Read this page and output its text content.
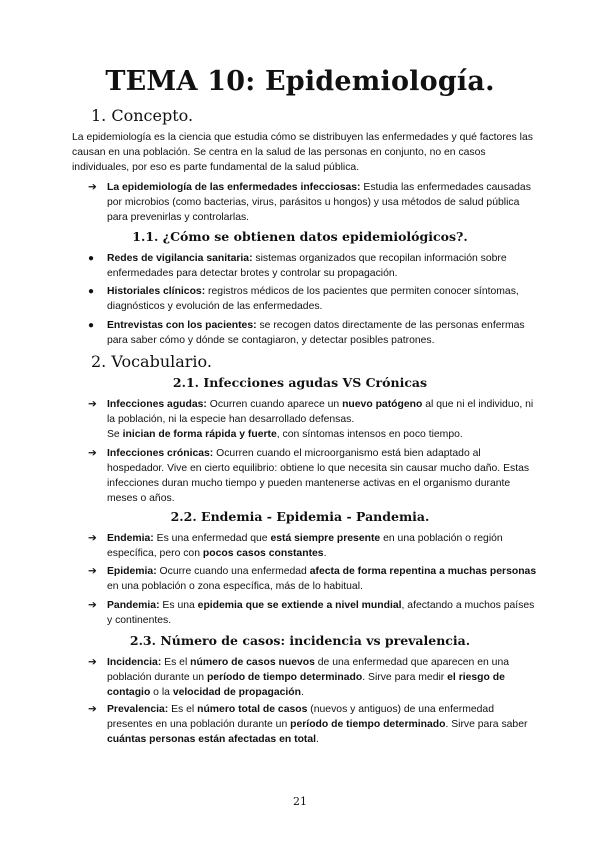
TEMA 10: Epidemiología.
1. Concepto.

La epidemiología es la ciencia que estudia cómo se distribuyen las enfermedades y qué factores las causan en una población. Se centra en la salud de las personas en conjunto, no en casos individuales, por eso es parte fundamental de la salud pública.

➔ La epidemiología de las enfermedades infecciosas: Estudia las enfermedades causadas por microbios (como bacterias, virus, parásitos u hongos) y usa métodos de salud pública para prevenirlas y controlarlas.
1.1. ¿Cómo se obtienen datos epidemiológicos?.
●	Redes de vigilancia sanitaria: sistemas organizados que recopilan información sobre enfermedades para detectar brotes y controlar su propagación.
●	Historiales clínicos: registros médicos de los pacientes que permiten conocer síntomas, diagnósticos y evolución de las enfermedades.
●	Entrevistas con los pacientes: se recogen datos directamente de las personas enfermas para saber cómo y dónde se contagiaron, y detectar posibles patrones.
2. Vocabulario.
2.1. Infecciones agudas VS Crónicas
➔ Infecciones agudas: Ocurren cuando aparece un nuevo patógeno al que ni el individuo, ni la población, ni la especie han desarrollado defensas.
Se inician de forma rápida y fuerte, con síntomas intensos en poco tiempo.
➔ Infecciones crónicas: Ocurren cuando el microorganismo está bien adaptado al hospedador. Vive en cierto equilibrio: obtiene lo que necesita sin causar mucho daño. Estas infecciones duran mucho tiempo y pueden mantenerse activas en el organismo durante meses o años.
2.2. Endemia - Epidemia - Pandemia.
➔ Endemia: Es una enfermedad que está siempre presente en una población o región específica, pero con pocos casos constantes.
➔ Epidemia: Ocurre cuando una enfermedad afecta de forma repentina a muchas personas en una población o zona específica, más de lo habitual.
➔ Pandemia: Es una epidemia que se extiende a nivel mundial, afectando a muchos países y continentes.
2.3. Número de casos: incidencia vs prevalencia.
➔ Incidencia: Es el número de casos nuevos de una enfermedad que aparecen en una población durante un período de tiempo determinado. Sirve para medir el riesgo de contagio o la velocidad de propagación.
➔ Prevalencia: Es el número total de casos (nuevos y antiguos) de una enfermedad presentes en una población durante un período de tiempo determinado. Sirve para saber cuántas personas están afectadas en total.
21
